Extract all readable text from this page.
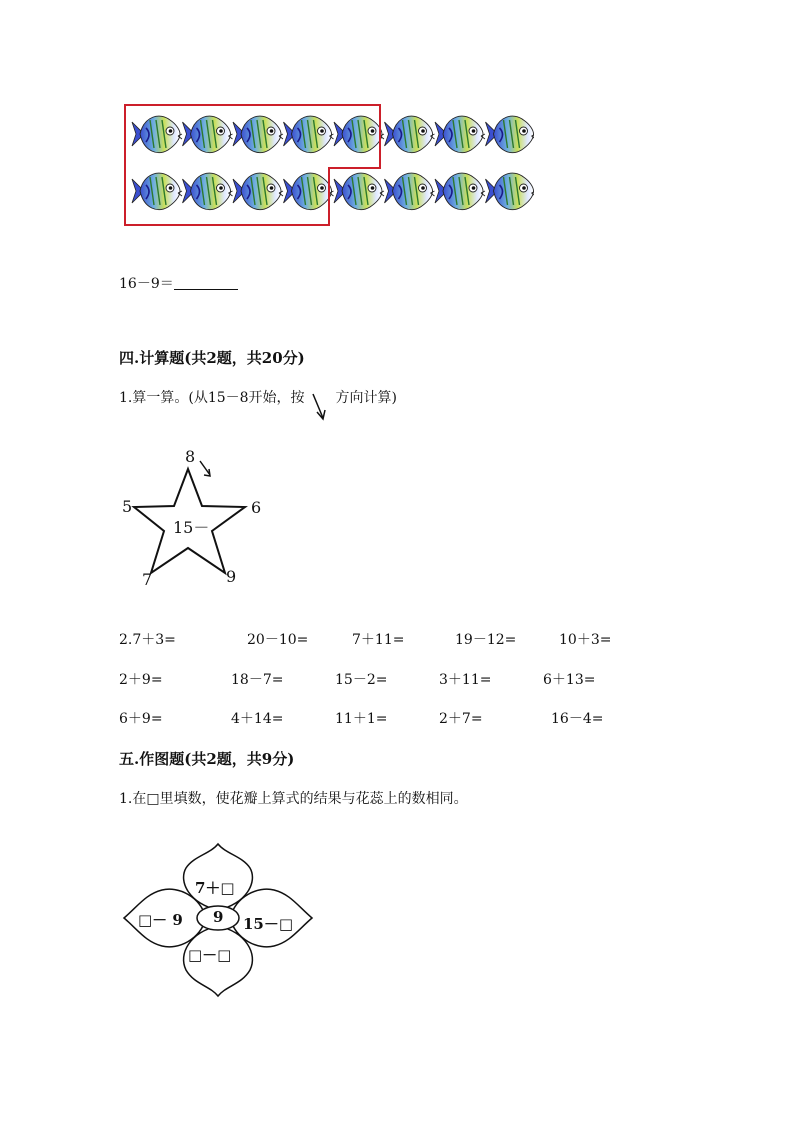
16－9＝
四.计算题(共2题，共20分)
1.算一算。(从15－8开始，按 方向计算)
15－
8
6
9
7
5
2.7＋3=	20－10=	7＋11=	19－12=	10＋3=
2＋9=	18－7=	15－2=	3＋11=	6＋13=
6＋9=	4＋14=	11＋1=	2＋7=	16－4=
五.作图题(共2题，共9分)
1.在□里填数，使花瓣上算式的结果与花蕊上的数相同。
9
7＋□
□－ 9	15－□
□－□
